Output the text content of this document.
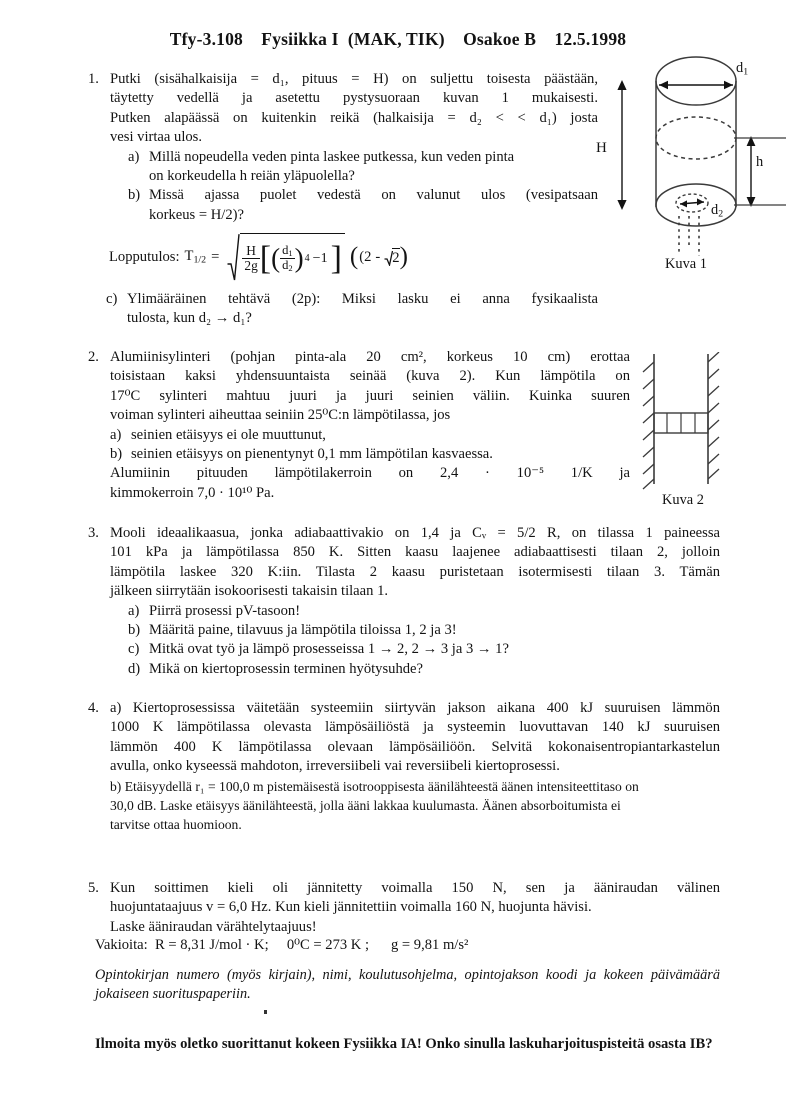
Tfy-3.108    Fysiikka I  (MAK, TIK)    Osakoe B    12.5.1998
1. Putki (sisähalkaisija = d₁, pituus = H) on suljettu toisesta päästään,

täytetty vedellä ja asetettu pystysuoraan kuvan 1 mukaisesti.

Putken alapäässä on kuitenkin reikä (halkaisija = d₂ < < d₁) josta

vesi virtaa ulos.

a) Millä nopeudella veden pinta laskee putkessa, kun veden pinta

on korkeudella h reiän yläpuolella?

b) Missä ajassa puolet vedestä on valunut ulos (vesipatsaan

korkeus = H/2)?

Lopputulos: $T_{1/2} = \frac{H}{2g}$ [ ( $\frac{d_1}{d_2}$ ) 4 −1 ] ( (2 - 2 )
c) Ylimääräinen tehtävä (2p): Miksi lasku ei anna fysikaalista

tulosta, kun d₂ → d₁?

$d_1$
$d_2$
h
Kuva 1
H
2. Alumiinisylinteri (pohjan pinta-ala 20 cm², korkeus 10 cm) erottaa

toisistaan kaksi yhdensuuntaista seinää (kuva 2). Kun lämpötila on

17⁰C sylinteri mahtuu juuri ja juuri seinien väliin. Kuinka suuren

voiman sylinteri aiheuttaa seiniin 25⁰C:n lämpötilassa, jos

a) seinien etäisyys ei ole muuttunut,
b) seinien etäisyys on pienentynyt 0,1 mm lämpötilan kasvaessa.

Alumiinin pituuden lämpötilakerroin on 2,4 · 10⁻⁵ 1/K ja

kimmokerroin 7,0 · 10¹⁰ Pa.	Kuva 2
3. Mooli ideaalikaasua, jonka adiabaattivakio on 1,4 ja Cᵥ = 5/2 R, on tilassa 1 paineessa

101 kPa ja lämpötilassa 850 K. Sitten kaasu laajenee adiabaattisesti tilaan 2, jolloin

lämpötila laskee 320 K:iin. Tilasta 2 kaasu puristetaan isotermisesti tilaan 3. Tämän

jälkeen siirrytään isokoorisesti takaisin tilaan 1.

a) Piirrä prosessi pV-tasoon!
b) Määritä paine, tilavuus ja lämpötila tiloissa 1, 2 ja 3!
c) Mitkä ovat työ ja lämpö prosesseissa 1 → 2, 2 → 3 ja 3 → 1?
d) Mikä on kiertoprosessin terminen hyötysuhde?
4. a) Kiertoprosessissa väitetään systeemiin siirtyvän jakson aikana 400 kJ suuruisen lämmön

1000 K lämpötilassa olevasta lämpösäiliöstä ja systeemin luovuttavan 140 kJ suuruisen

lämmön 400 K lämpötilassa olevaan lämpösäiliöön. Selvitä kokonaisentropiantarkastelun

avulla, onko kyseessä mahdoton, irreversiibeli vai reversiibeli kiertoprosessi.

b) Etäisyydellä r₁ = 100,0 m pistemäisestä isotrooppisesta äänilähteestä äänen intensiteettitaso on

30,0 dB. Laske etäisyys äänilähteestä, jolla ääni lakkaa kuulumasta. Äänen absorboitumista ei

tarvitse ottaa huomioon.

5. Kun soittimen kieli oli jännitetty voimalla 150 N, sen ja ääniraudan välinen

huojuntataajuus v = 6,0 Hz. Kun kieli jännitettiin voimalla 160 N, huojunta hävisi.

Laske ääniraudan värähtelytaajuus!

Vakioita:  R = 8,31 J/mol · K;     0⁰C = 273 K ;      g = 9,81 m/s²
Opintokirjan numero (myös kirjain), nimi, koulutusohjelma, opintojakson koodi ja kokeen päivämäärä jokaiseen suorituspaperiin.
Ilmoita myös oletko suorittanut kokeen Fysiikka IA! Onko sinulla laskuharjoituspisteitä osasta IB?
